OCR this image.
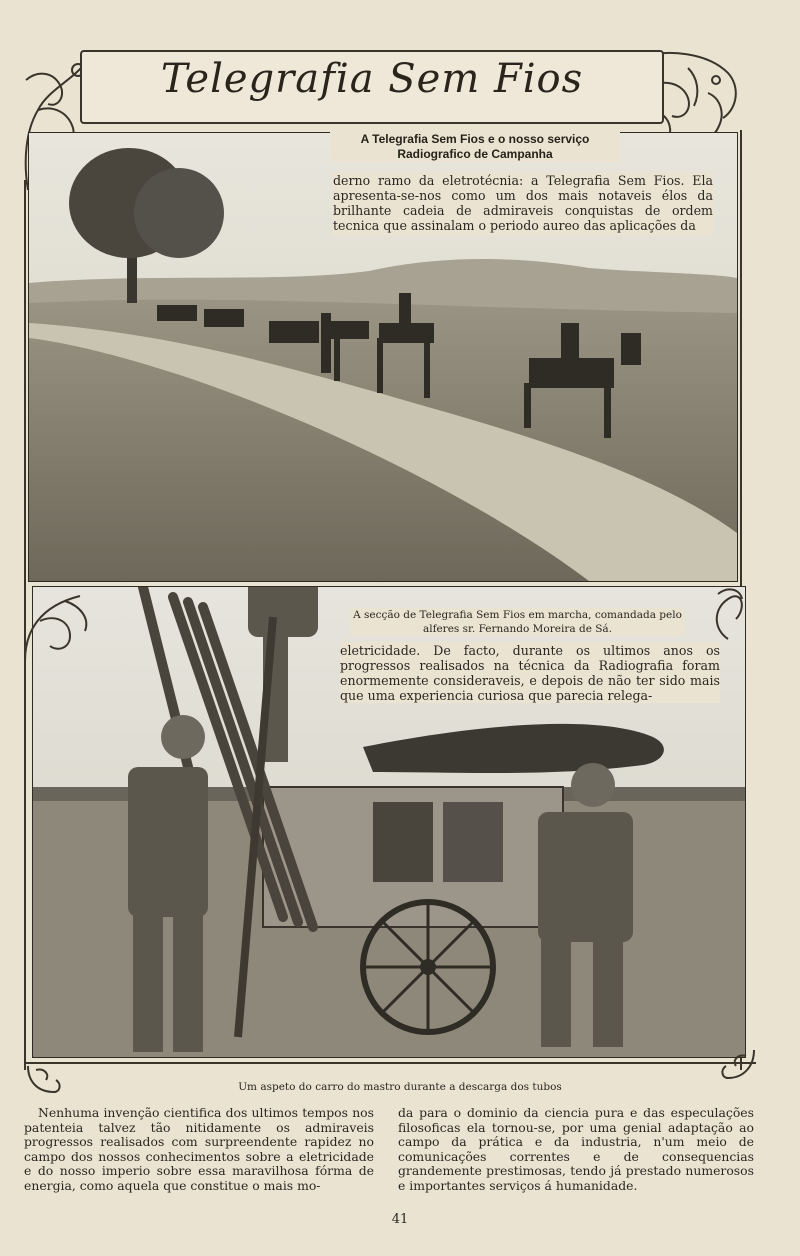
Telegrafia Sem Fios
A Telegrafia Sem Fios e o nosso serviço Radiografico de Campanha
derno ramo da eletrotécnia: a Telegrafia Sem Fios. Ela apresenta-se-nos como um dos mais notaveis élos da brilhante cadeia de admiraveis conquistas de ordem tecnica que assinalam o periodo aureo das aplicações da
A secção de Telegrafia Sem Fios em marcha, comandada pelo alferes sr. Fernando Moreira de Sá.
eletricidade. De facto, durante os ultimos anos os progressos realisados na técnica da Radiografia foram enormemente consideraveis, e depois de não ter sido mais que uma experiencia curiosa que parecia relega-
Um aspeto do carro do mastro durante a descarga dos tubos
Nenhuma invenção cientifica dos ultimos tempos nos patenteia talvez tão nitidamente os admiraveis progressos realisados com surpreendente rapidez no campo dos nossos conhecimentos sobre a eletricidade e do nosso imperio sobre essa maravilhosa fórma de energia, como aquela que constitue o mais mo-
da para o dominio da ciencia pura e das especulações filosoficas ela tornou-se, por uma genial adaptação ao campo da prática e da industria, n'um meio de comunicações correntes e de consequencias grandemente prestimosas, tendo já prestado numerosos e importantes serviços á humanidade.
41
